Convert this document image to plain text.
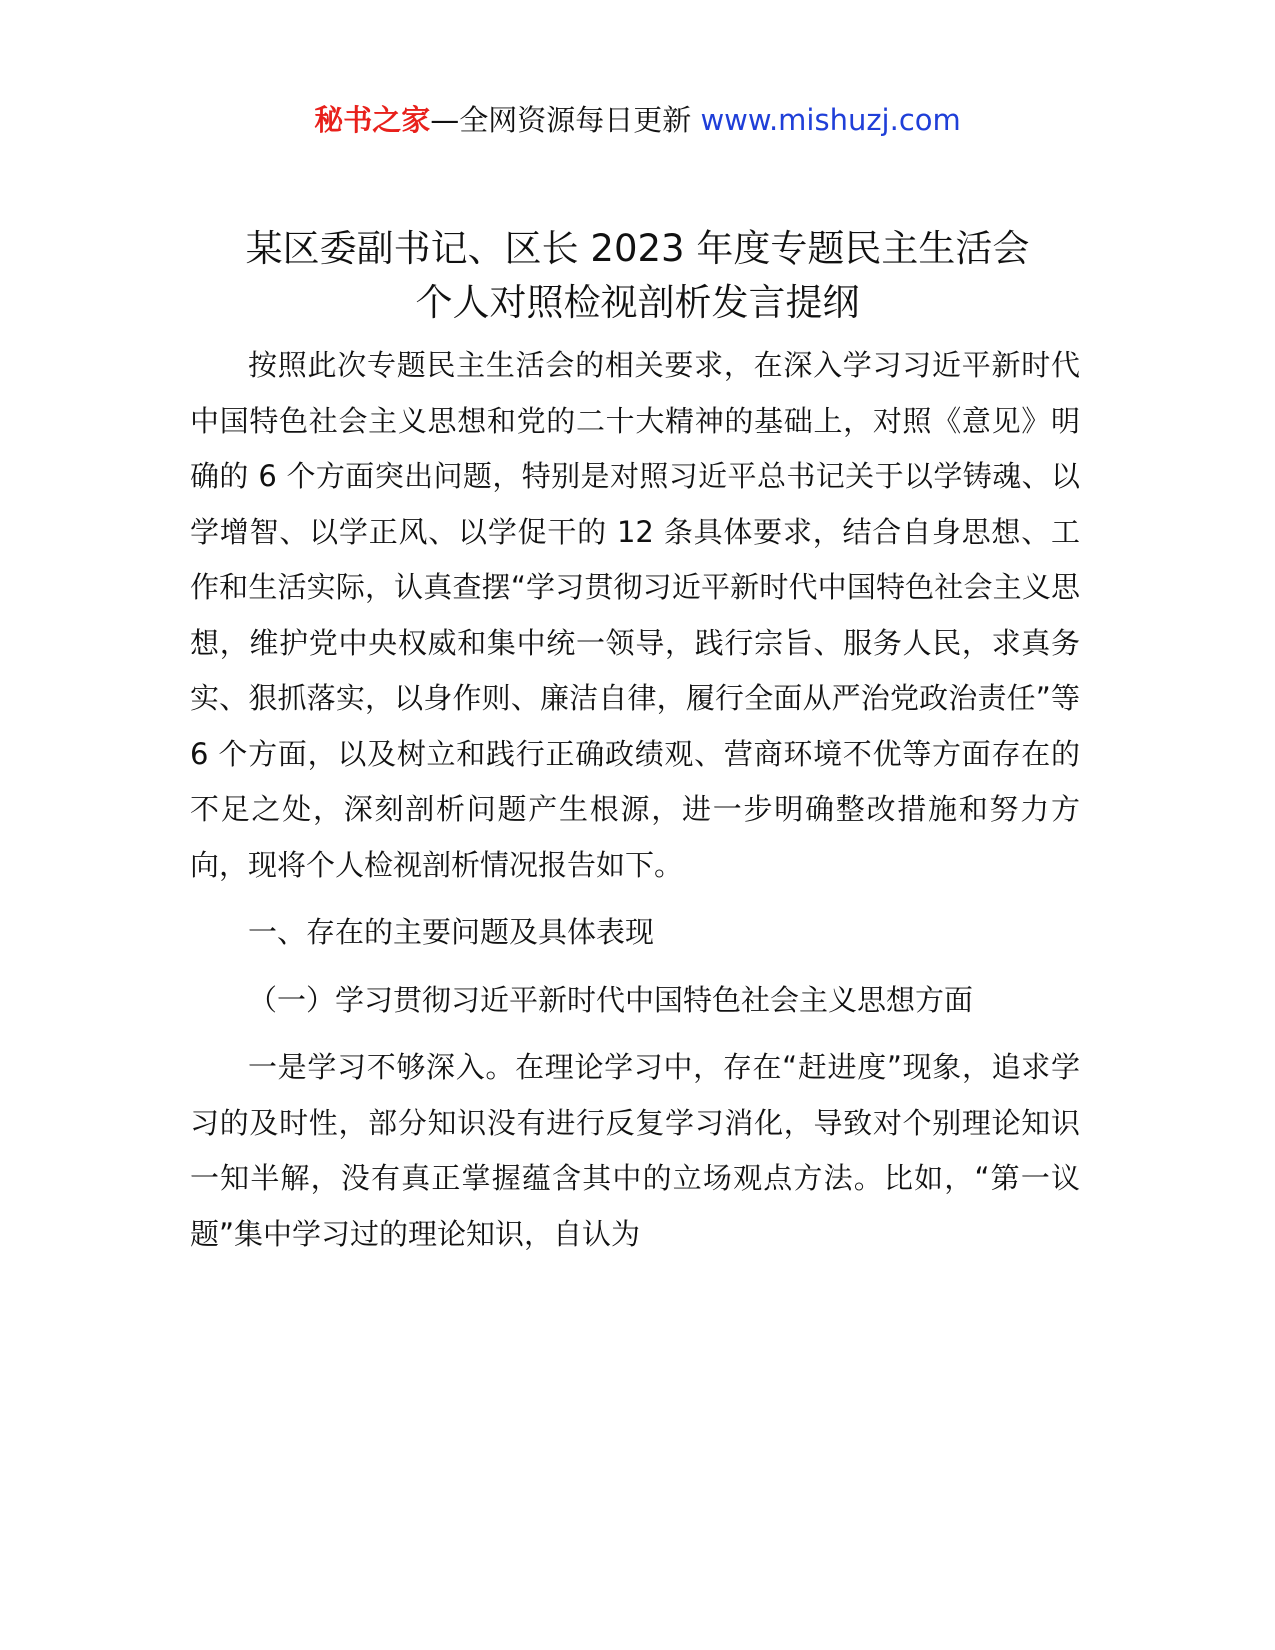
秘书之家—全网资源每日更新 www.mishuzj.com
某区委副书记、区长 2023 年度专题民主生活会
个人对照检视剖析发言提纲

按照此次专题民主生活会的相关要求，在深入学习习近平新时代中国特色社会主义思想和党的二十大精神的基础上，对照《意见》明确的 6 个方面突出问题，特别是对照习近平总书记关于以学铸魂、以学增智、以学正风、以学促干的 12 条具体要求，结合自身思想、工作和生活实际，认真查摆“学习贯彻习近平新时代中国特色社会主义思想，维护党中央权威和集中统一领导，践行宗旨、服务人民，求真务实、狠抓落实，以身作则、廉洁自律，履行全面从严治党政治责任”等 6 个方面，以及树立和践行正确政绩观、营商环境不优等方面存在的不足之处，深刻剖析问题产生根源，进一步明确整改措施和努力方向，现将个人检视剖析情况报告如下。

一、存在的主要问题及具体表现

（一）学习贯彻习近平新时代中国特色社会主义思想方面

一是学习不够深入。在理论学习中，存在“赶进度”现象，追求学习的及时性，部分知识没有进行反复学习消化，导致对个别理论知识一知半解，没有真正掌握蕴含其中的立场观点方法。比如，“第一议题”集中学习过的理论知识，自认为
